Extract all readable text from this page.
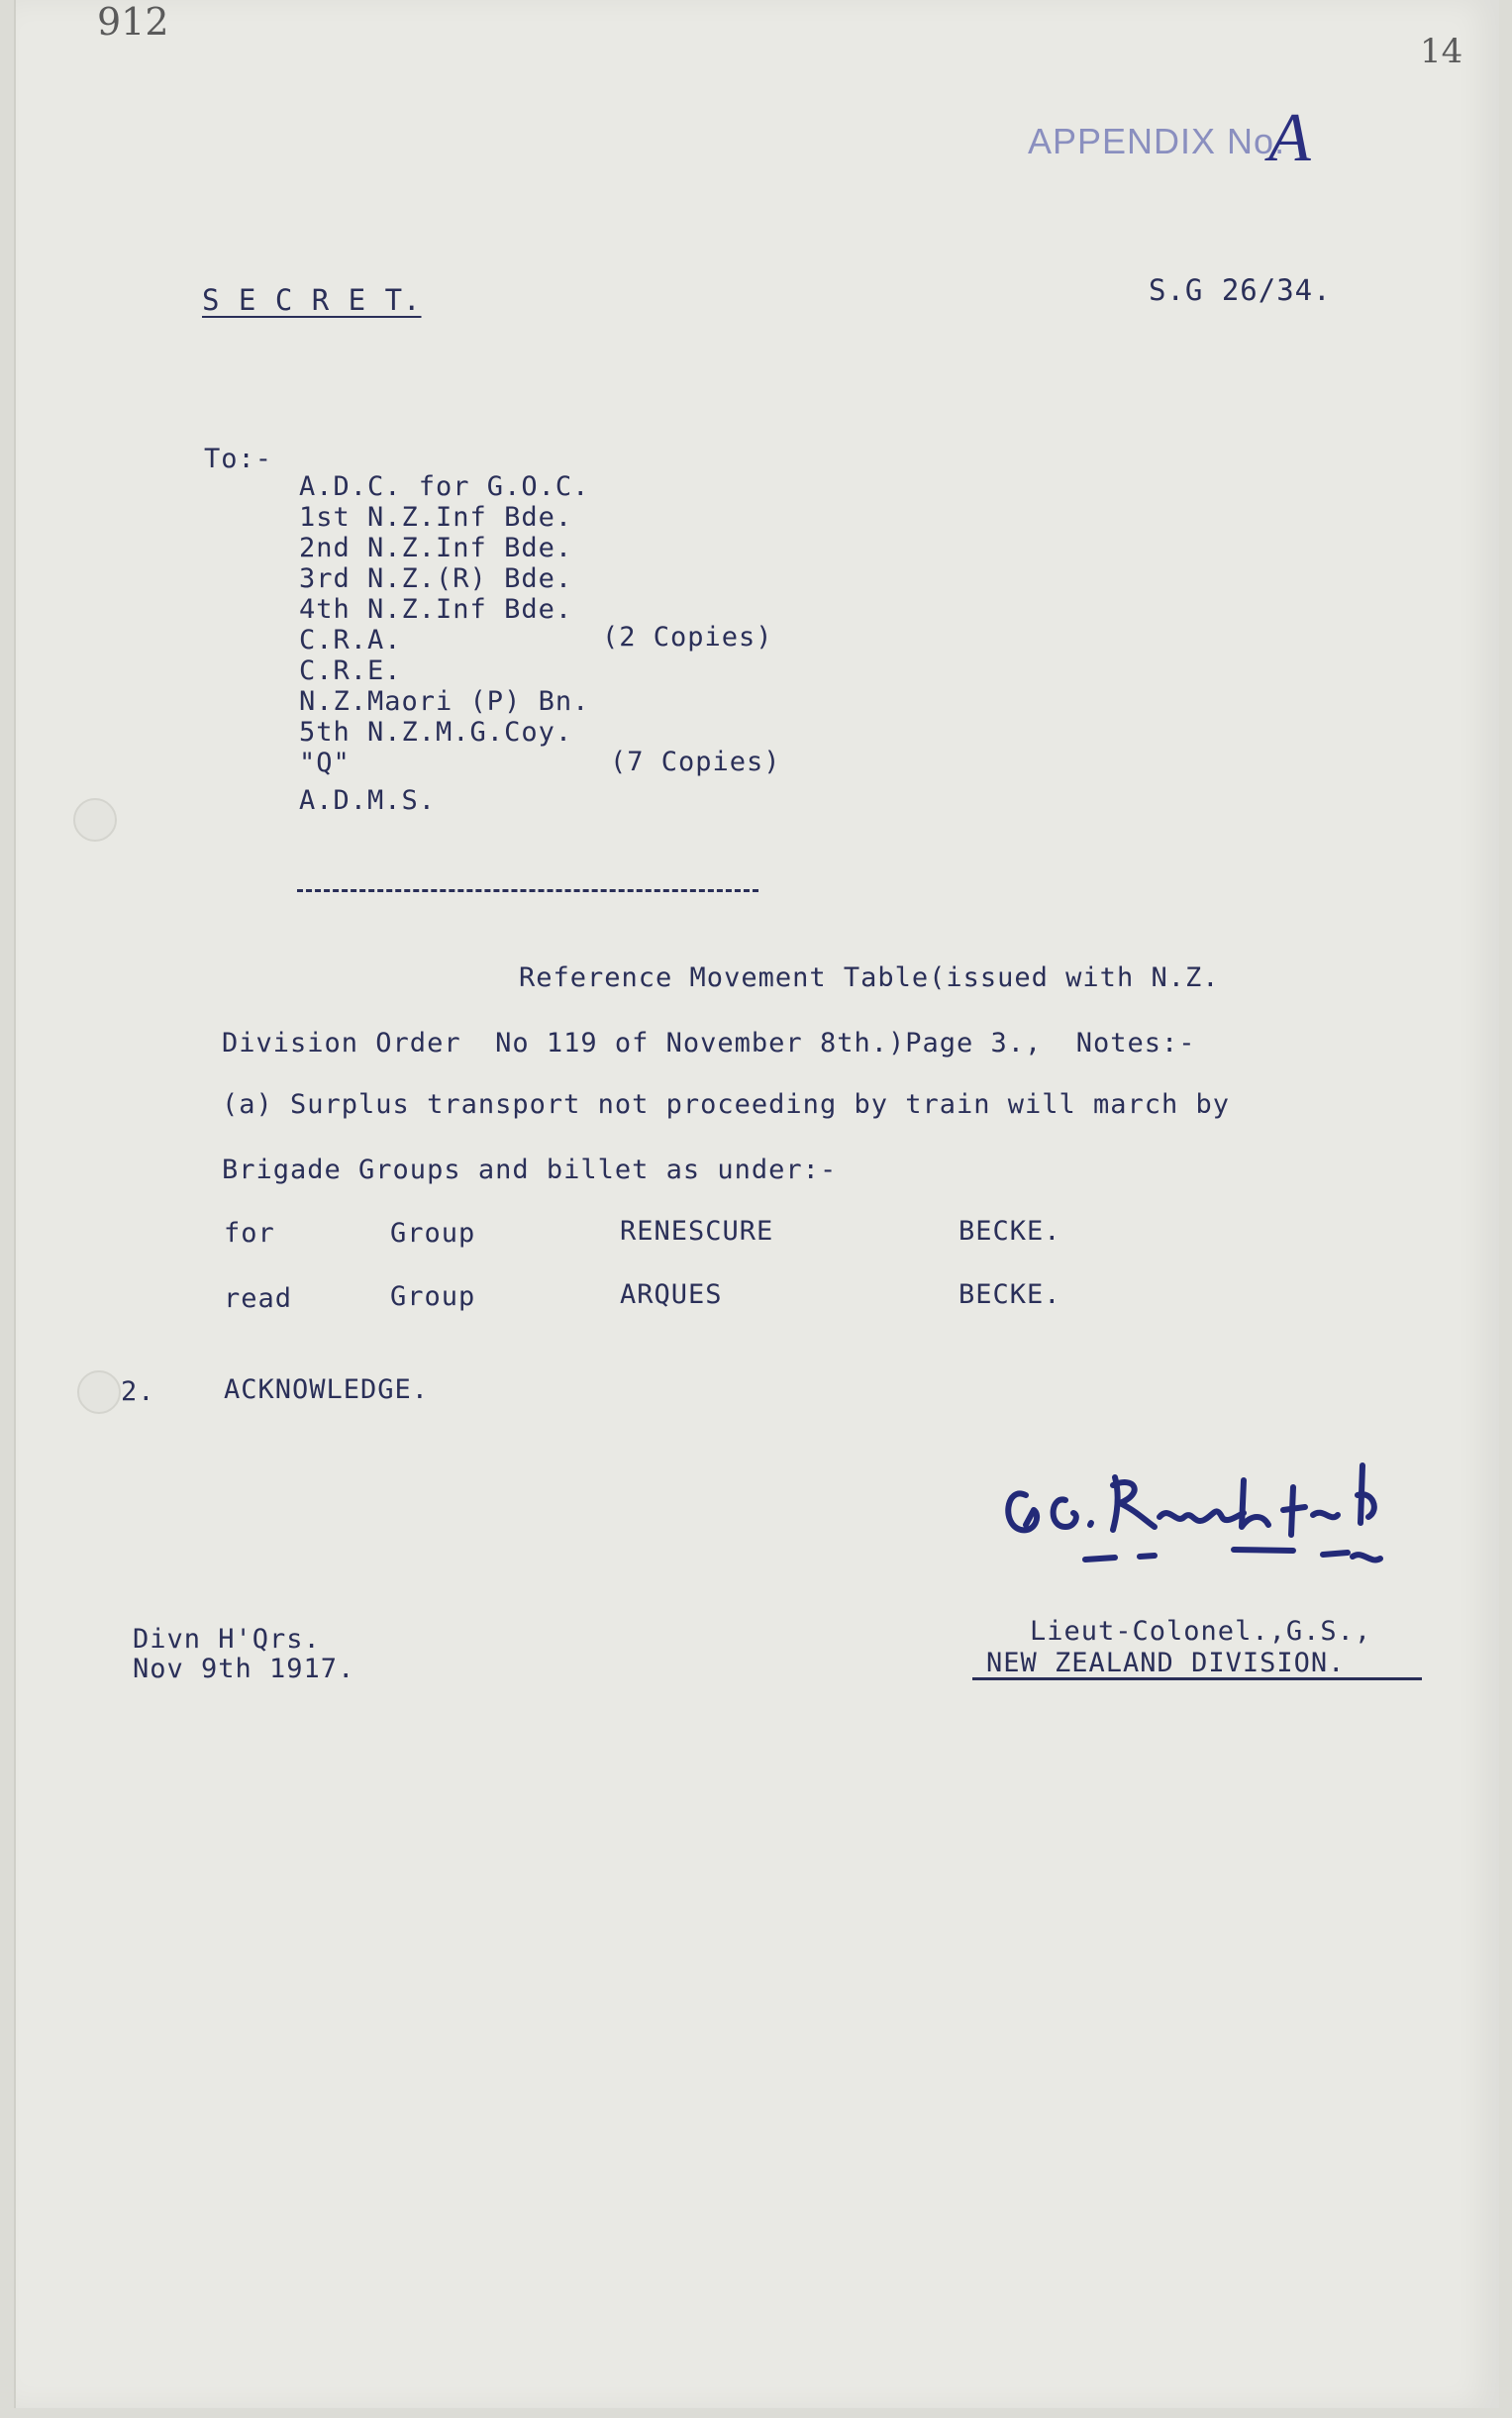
912
14
APPENDIX No.
A
S E C R E T.	S.G 26/34.
To:-
A.D.C. for G.O.C.
1st N.Z.Inf Bde.
2nd N.Z.Inf Bde.
3rd N.Z.(R) Bde.
4th N.Z.Inf Bde.
C.R.A.	(2 Copies)
C.R.E.
N.Z.Maori (P) Bn.
5th N.Z.M.G.Coy.
"Q"	(7 Copies)
A.D.M.S.
Reference Movement Table(issued with N.Z.
Division Order  No 119 of November 8th.)Page 3.,  Notes:-
(a) Surplus transport not proceeding by train will march by
Brigade Groups and billet as under:-
for	Group	RENESCURE	BECKE.
read	Group	ARQUES	BECKE.
2.	ACKNOWLEDGE.
Divn H'Qrs.
Nov 9th 1917.
Lieut-Colonel.,G.S.,
NEW ZEALAND DIVISION.
